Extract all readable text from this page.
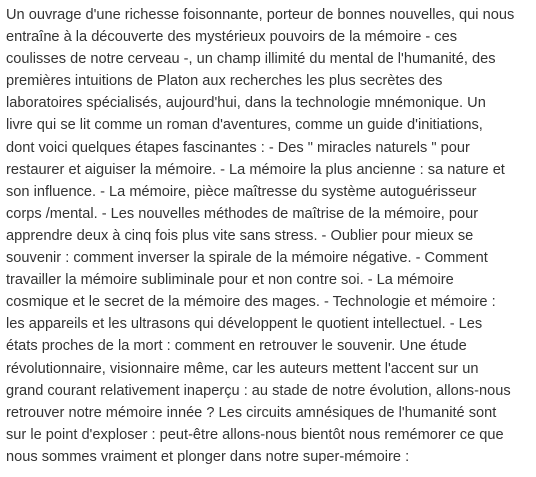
Un ouvrage d'une richesse foisonnante, porteur de bonnes nouvelles, qui nous
entraîne à la découverte des mystérieux pouvoirs de la mémoire - ces
coulisses de notre cerveau -, un champ illimité du mental de l'humanité, des
premières intuitions de Platon aux recherches les plus secrètes des
laboratoires spécialisés, aujourd'hui, dans la technologie mnémonique. Un
livre qui se lit comme un roman d'aventures, comme un guide d'initiations,
dont voici quelques étapes fascinantes : - Des " miracles naturels " pour
restaurer et aiguiser la mémoire. - La mémoire la plus ancienne : sa nature et
son influence. - La mémoire, pièce maîtresse du système autoguérisseur
corps /mental. - Les nouvelles méthodes de maîtrise de la mémoire, pour
apprendre deux à cinq fois plus vite sans stress. - Oublier pour mieux se
souvenir : comment inverser la spirale de la mémoire négative. - Comment
travailler la mémoire subliminale pour et non contre soi. - La mémoire
cosmique et le secret de la mémoire des mages. - Technologie et mémoire :
les appareils et les ultrasons qui développent le quotient intellectuel. - Les
états proches de la mort : comment en retrouver le souvenir. Une étude
révolutionnaire, visionnaire même, car les auteurs mettent l'accent sur un
grand courant relativement inaperçu : au stade de notre évolution, allons-nous
retrouver notre mémoire innée ? Les circuits amnésiques de l'humanité sont
sur le point d'exploser : peut-être allons-nous bientôt nous remémorer ce que
nous sommes vraiment et plonger dans notre super-mémoire :
